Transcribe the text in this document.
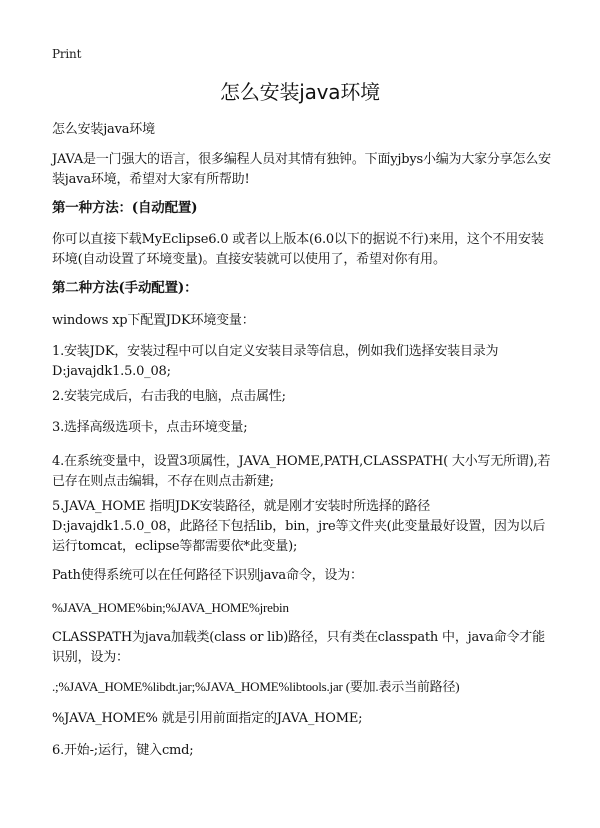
Print
怎么安装java环境
怎么安装java环境
JAVA是一门强大的语言，很多编程人员对其情有独钟。下面yjbys小编为大家分享怎么安装java环境，希望对大家有所帮助!
第一种方法：(自动配置)
你可以直接下载MyEclipse6.0 或者以上版本(6.0以下的据说不行)来用，这个不用安装环境(自动设置了环境变量)。直接安装就可以使用了，希望对你有用。
第二种方法(手动配置)：
windows xp下配置JDK环境变量：
1.安装JDK，安装过程中可以自定义安装目录等信息，例如我们选择安装目录为D:javajdk1.5.0_08;
2.安装完成后，右击我的电脑，点击属性;
3.选择高级选项卡，点击环境变量;
4.在系统变量中，设置3项属性，JAVA_HOME,PATH,CLASSPATH( 大小写无所谓),若已存在则点击编辑，不存在则点击新建;
5.JAVA_HOME 指明JDK安装路径，就是刚才安装时所选择的路径D:javajdk1.5.0_08，此路径下包括lib，bin，jre等文件夹(此变量最好设置，因为以后运行tomcat，eclipse等都需要依*此变量);
Path使得系统可以在任何路径下识别java命令，设为：
%JAVA_HOME%bin;%JAVA_HOME%jrebin
CLASSPATH为java加载类(class or lib)路径，只有类在classpath 中，java命令才能识别，设为：
.;%JAVA_HOME%libdt.jar;%JAVA_HOME%libtools.jar (要加.表示当前路径)
%JAVA_HOME% 就是引用前面指定的JAVA_HOME;
6.开始-;运行，键入cmd;
